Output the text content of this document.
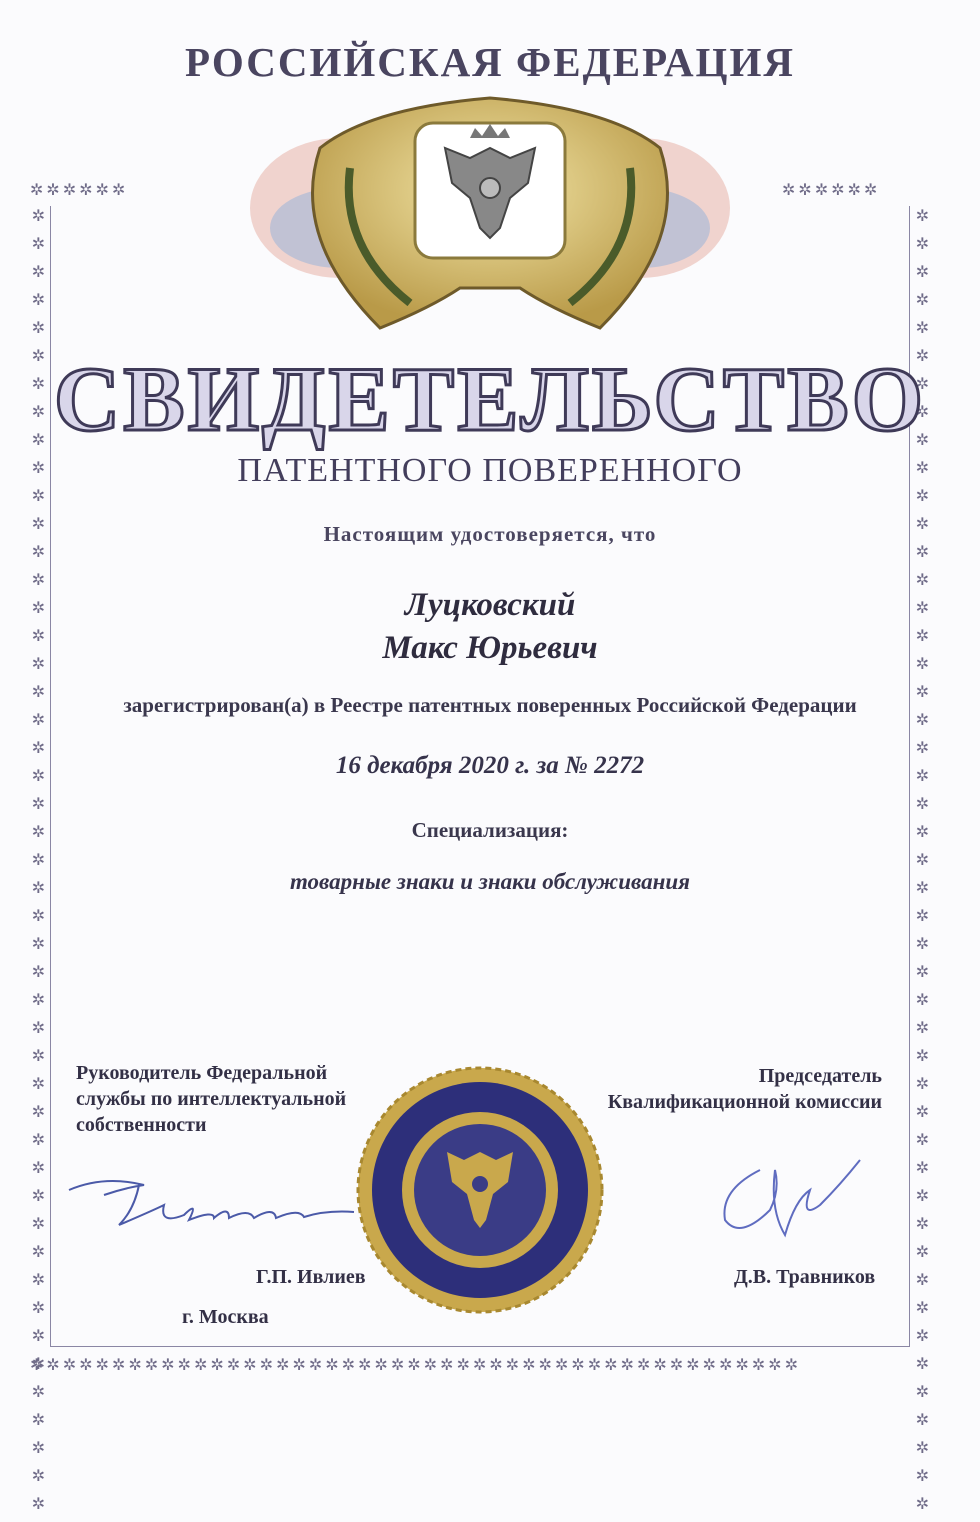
✲✲✲✲✲✲	✲✲✲✲✲✲
✲✲✲✲✲✲✲✲✲✲✲✲✲✲✲✲✲✲✲✲✲✲✲✲✲✲✲✲✲✲✲✲✲✲✲✲✲✲✲✲✲✲✲✲✲✲✲	✲✲✲✲✲✲✲✲✲✲✲✲✲✲✲✲✲✲✲✲✲✲✲✲✲✲✲✲✲✲✲✲✲✲✲✲✲✲✲✲✲✲✲✲✲✲✲
✲✲✲✲✲✲✲✲✲✲✲✲✲✲✲✲✲✲✲✲✲✲✲✲✲✲✲✲✲✲✲✲✲✲✲✲✲✲✲✲✲✲✲✲✲✲✲
РОССИЙСКАЯ ФЕДЕРАЦИЯ
СВИДЕТЕЛЬСТВО
ПАТЕНТНОГО ПОВЕРЕННОГО
Настоящим удостоверяется, что
Луцковский
Макс Юрьевич
зарегистрирован(а) в Реестре патентных поверенных Российской Федерации
16 декабря 2020 г. за № 2272
Специализация:
товарные знаки и знаки обслуживания
Руководитель Федеральной
службы по интеллектуальной
собственности
Председатель
Квалификационной комиссии
Г.П. Ивлиев	Д.В. Травников
г. Москва
